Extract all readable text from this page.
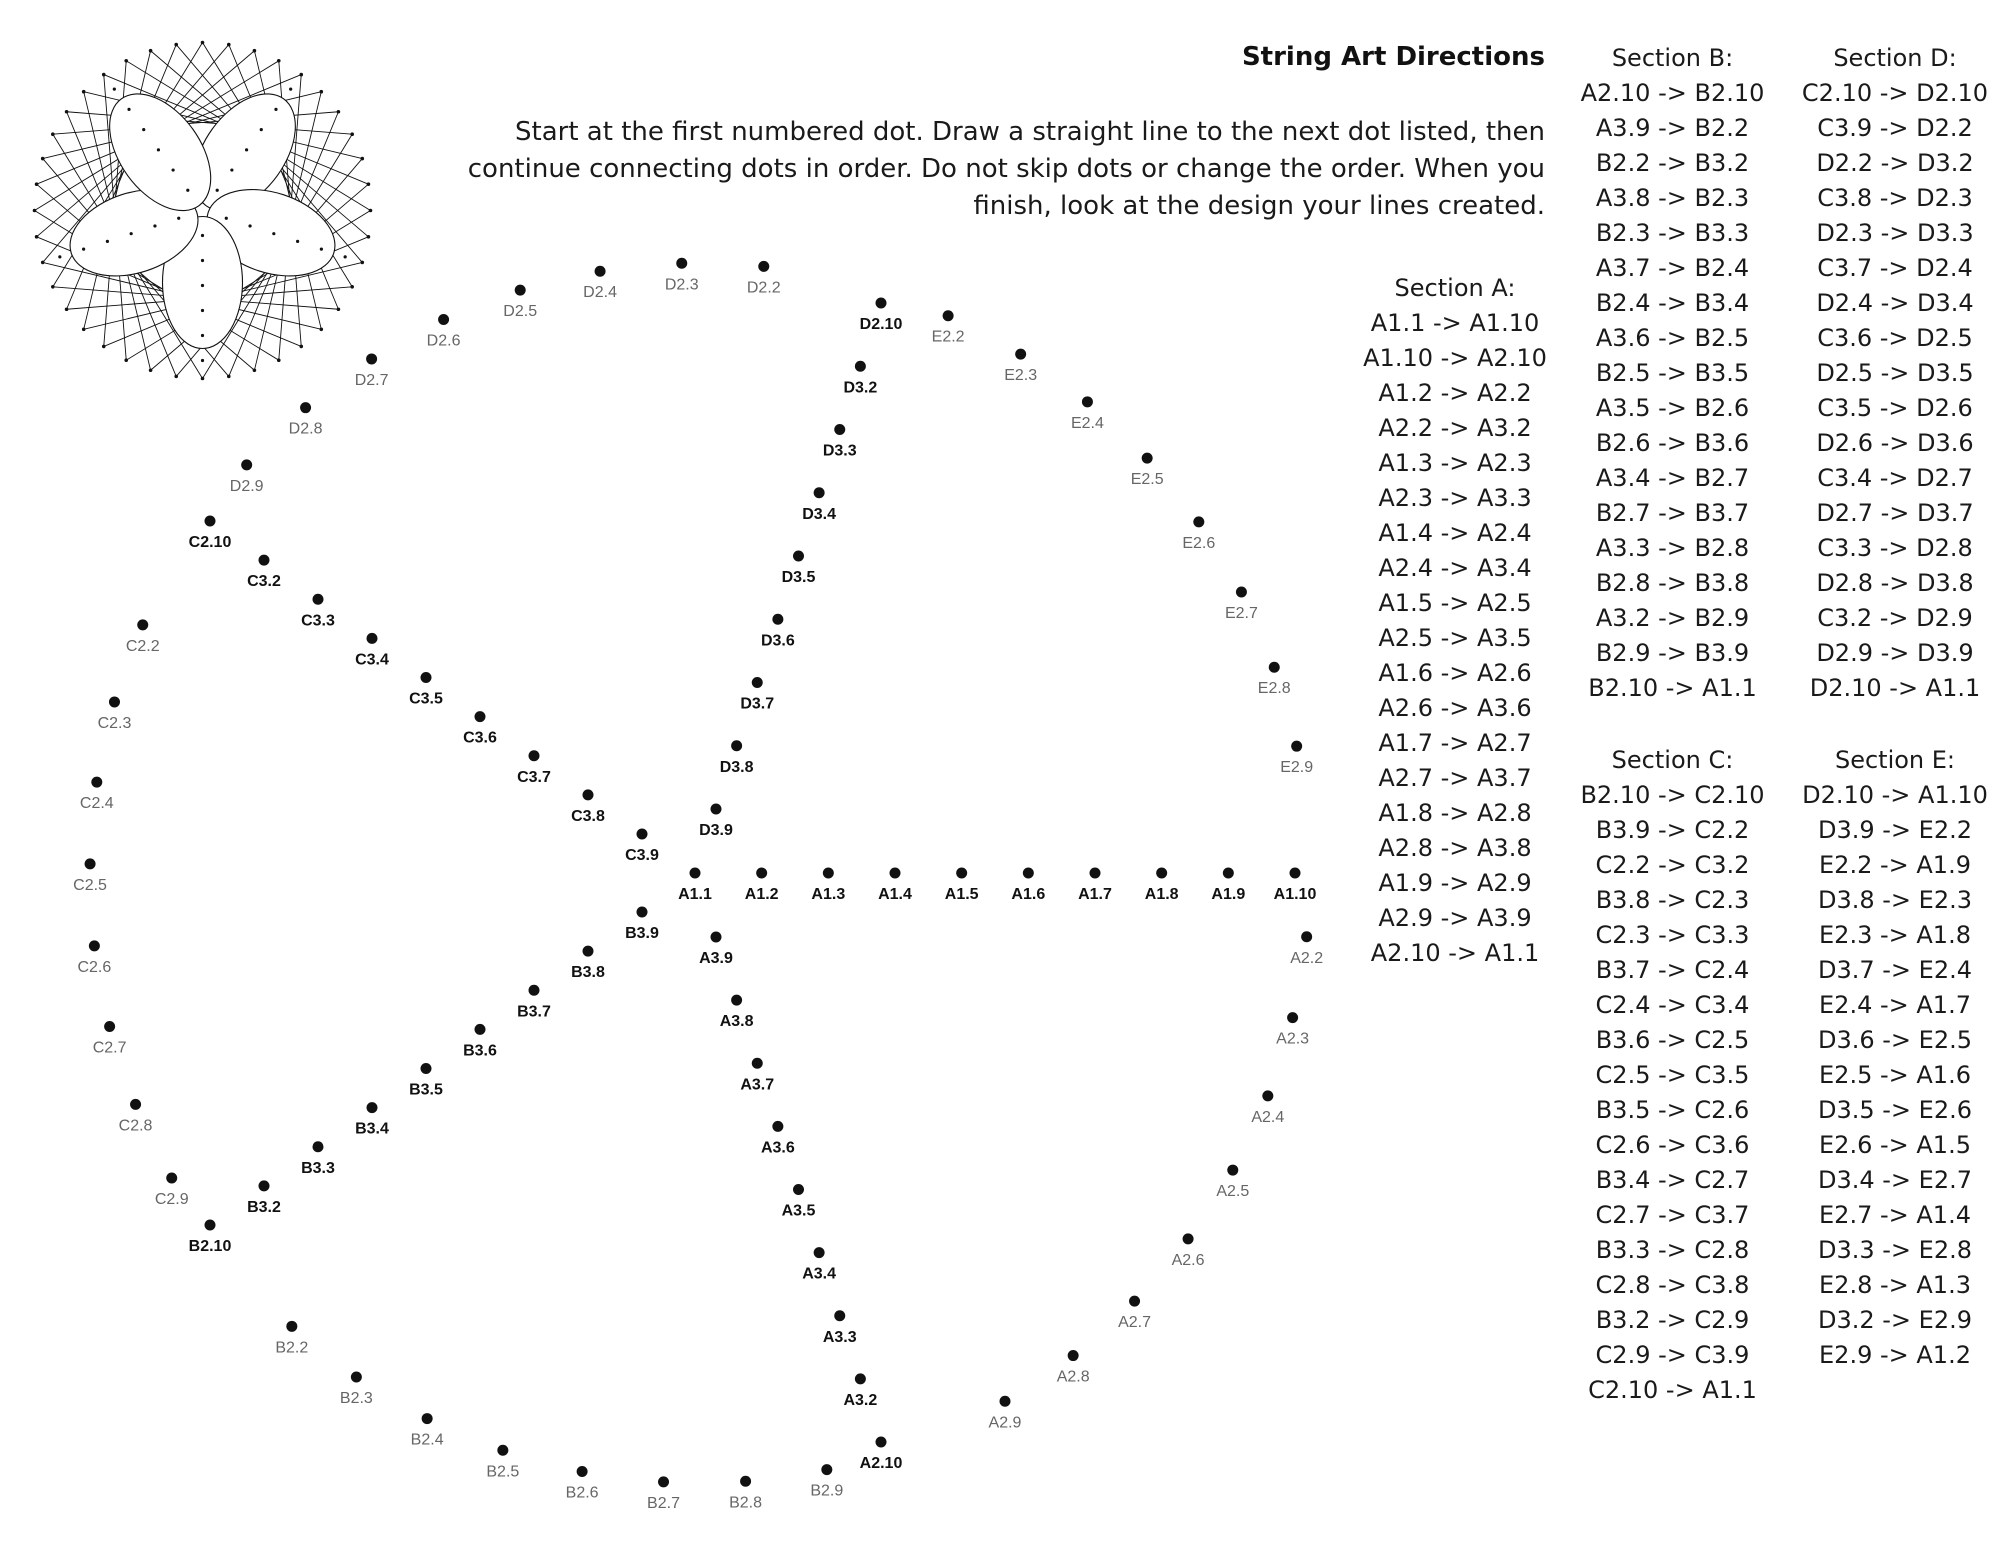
A1.1 A1.2 A1.3 A1.4 A1.5 A1.6 A1.7 A1.8 A1.9 A1.10
A3.9
A3.8
A3.7
A3.6
A3.5
A3.4
A3.3
A3.2
A2.10
B3.9
B3.8
B3.7
B3.6
B3.5
B3.4
B3.3
B3.2
B2.10
C3.9
C3.8
C3.7
C3.6
C3.5
C3.4
C3.3
C3.2
C2.10
D3.9
D3.8
D3.7
D3.6
D3.5
D3.4
D3.3
D3.2
D2.10
A2.2
A2.3
A2.4
A2.5
A2.6
A2.7
A2.8
A2.9
B2.9
B2.8
B2.7
B2.6
B2.5
B2.4
B2.3
B2.2
C2.9
C2.8
C2.7
C2.6
C2.5
C2.4
C2.3
C2.2
D2.9
D2.8
D2.7
D2.6
D2.5
D2.4	D2.3	D2.2
E2.2
E2.3
E2.4
E2.5
E2.6
E2.7
E2.8
E2.9
String Art Directions
Start at the first numbered dot. Draw a straight line to the next dot listed, then continue connecting dots in order. Do not skip dots or change the order. When you finish, look at the design your lines created.
Section A:
A1.1 -> A1.10
A1.10 -> A2.10
A1.2 -> A2.2
A2.2 -> A3.2
A1.3 -> A2.3
A2.3 -> A3.3
A1.4 -> A2.4
A2.4 -> A3.4
A1.5 -> A2.5
A2.5 -> A3.5
A1.6 -> A2.6
A2.6 -> A3.6
A1.7 -> A2.7
A2.7 -> A3.7
A1.8 -> A2.8
A2.8 -> A3.8
A1.9 -> A2.9
A2.9 -> A3.9
A2.10 -> A1.1
Section B:
A2.10 -> B2.10
A3.9 -> B2.2
B2.2 -> B3.2
A3.8 -> B2.3
B2.3 -> B3.3
A3.7 -> B2.4
B2.4 -> B3.4
A3.6 -> B2.5
B2.5 -> B3.5
A3.5 -> B2.6
B2.6 -> B3.6
A3.4 -> B2.7
B2.7 -> B3.7
A3.3 -> B2.8
B2.8 -> B3.8
A3.2 -> B2.9
B2.9 -> B3.9
B2.10 -> A1.1
Section D:
C2.10 -> D2.10
C3.9 -> D2.2
D2.2 -> D3.2
C3.8 -> D2.3
D2.3 -> D3.3
C3.7 -> D2.4
D2.4 -> D3.4
C3.6 -> D2.5
D2.5 -> D3.5
C3.5 -> D2.6
D2.6 -> D3.6
C3.4 -> D2.7
D2.7 -> D3.7
C3.3 -> D2.8
D2.8 -> D3.8
C3.2 -> D2.9
D2.9 -> D3.9
D2.10 -> A1.1
Section C:
B2.10 -> C2.10
B3.9 -> C2.2
C2.2 -> C3.2
B3.8 -> C2.3
C2.3 -> C3.3
B3.7 -> C2.4
C2.4 -> C3.4
B3.6 -> C2.5
C2.5 -> C3.5
B3.5 -> C2.6
C2.6 -> C3.6
B3.4 -> C2.7
C2.7 -> C3.7
B3.3 -> C2.8
C2.8 -> C3.8
B3.2 -> C2.9
C2.9 -> C3.9
C2.10 -> A1.1
Section E:
D2.10 -> A1.10
D3.9 -> E2.2
E2.2 -> A1.9
D3.8 -> E2.3
E2.3 -> A1.8
D3.7 -> E2.4
E2.4 -> A1.7
D3.6 -> E2.5
E2.5 -> A1.6
D3.5 -> E2.6
E2.6 -> A1.5
D3.4 -> E2.7
E2.7 -> A1.4
D3.3 -> E2.8
E2.8 -> A1.3
D3.2 -> E2.9
E2.9 -> A1.2
